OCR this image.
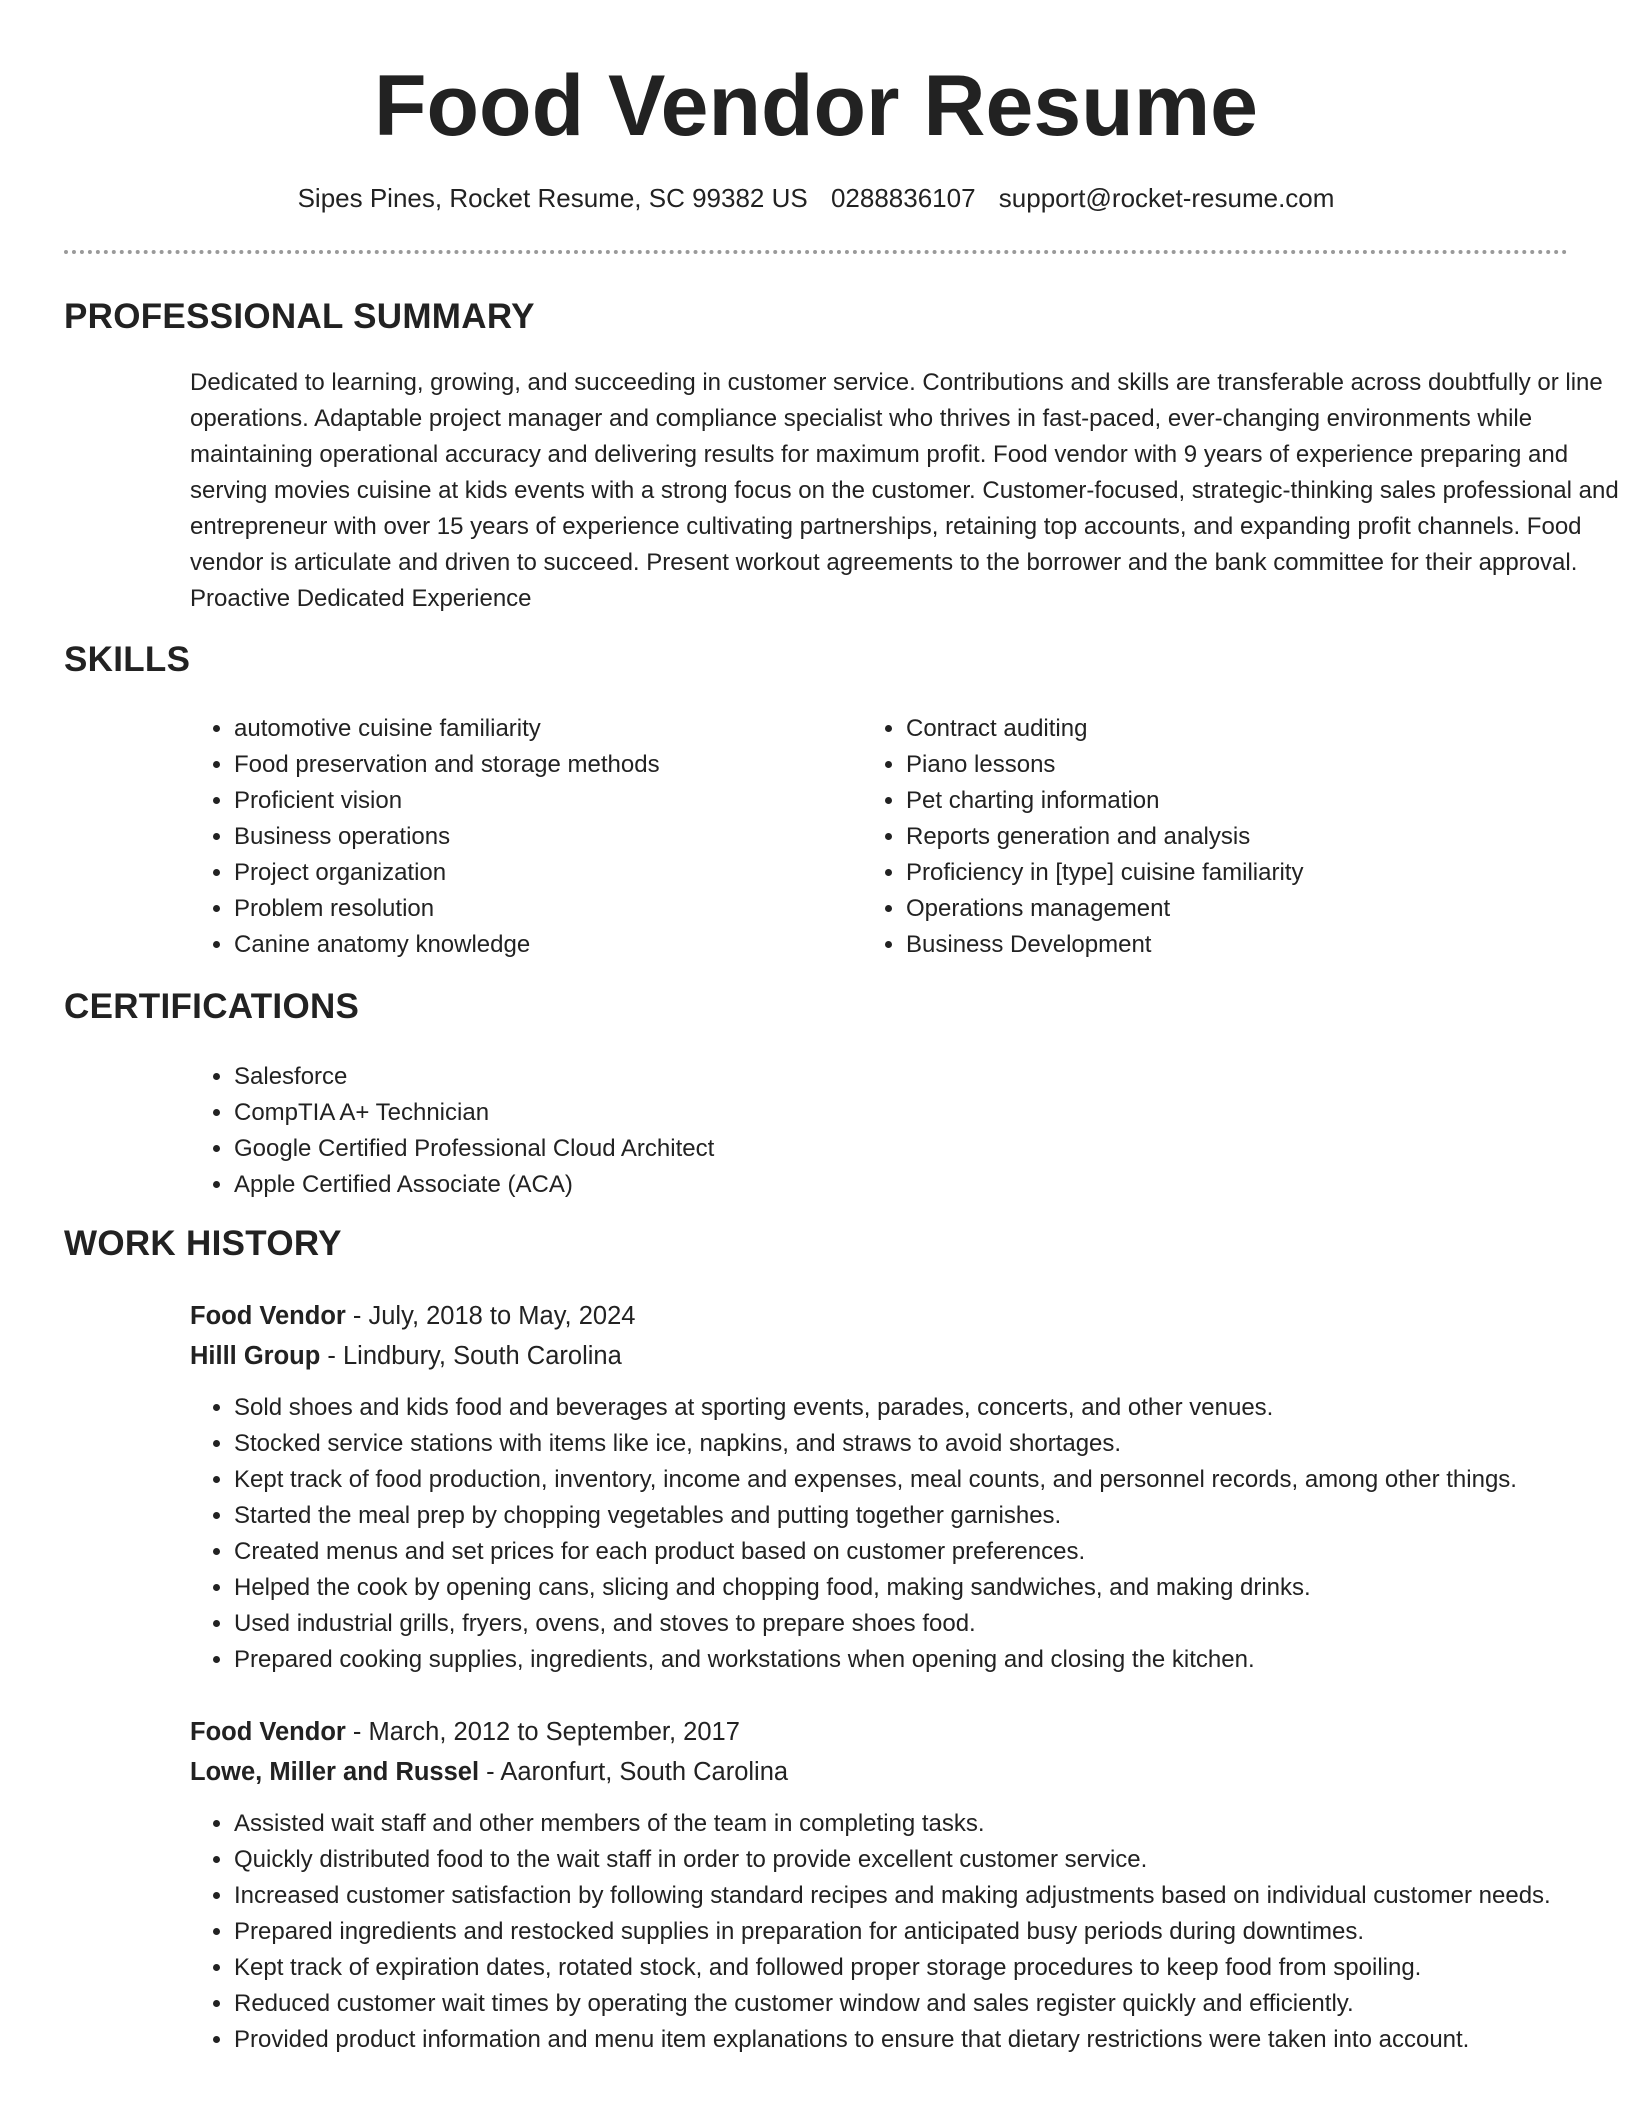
Food Vendor Resume
Sipes Pines, Rocket Resume, SC 99382 US 0288836107 support@rocket-resume.com
PROFESSIONAL SUMMARY

Dedicated to learning, growing, and succeeding in customer service. Contributions and skills are transferable across doubtfully or line operations. Adaptable project manager and compliance specialist who thrives in fast-paced, ever-changing environments while maintaining operational accuracy and delivering results for maximum profit. Food vendor with 9 years of experience preparing and serving movies cuisine at kids events with a strong focus on the customer. Customer-focused, strategic-thinking sales professional and entrepreneur with over 15 years of experience cultivating partnerships, retaining top accounts, and expanding profit channels. Food vendor is articulate and driven to succeed. Present workout agreements to the borrower and the bank committee for their approval. Proactive Dedicated Experience

SKILLS
• automotive cuisine familiarity
• Food preservation and storage methods
• Proficient vision
• Business operations
• Project organization
• Problem resolution
• Canine anatomy knowledge
• Contract auditing
• Piano lessons
• Pet charting information
• Reports generation and analysis
• Proficiency in [type] cuisine familiarity
• Operations management
• Business Development
CERTIFICATIONS
• Salesforce
• CompTIA A+ Technician
• Google Certified Professional Cloud Architect
• Apple Certified Associate (ACA)
WORK HISTORY
Food Vendor - July, 2018 to May, 2024
Hilll Group - Lindbury, South Carolina
• Sold shoes and kids food and beverages at sporting events, parades, concerts, and other venues.
• Stocked service stations with items like ice, napkins, and straws to avoid shortages.
• Kept track of food production, inventory, income and expenses, meal counts, and personnel records, among other things.
• Started the meal prep by chopping vegetables and putting together garnishes.
• Created menus and set prices for each product based on customer preferences.
• Helped the cook by opening cans, slicing and chopping food, making sandwiches, and making drinks.
• Used industrial grills, fryers, ovens, and stoves to prepare shoes food.
• Prepared cooking supplies, ingredients, and workstations when opening and closing the kitchen.
Food Vendor - March, 2012 to September, 2017
Lowe, Miller and Russel - Aaronfurt, South Carolina
• Assisted wait staff and other members of the team in completing tasks.
• Quickly distributed food to the wait staff in order to provide excellent customer service.
• Increased customer satisfaction by following standard recipes and making adjustments based on individual customer needs.
• Prepared ingredients and restocked supplies in preparation for anticipated busy periods during downtimes.
• Kept track of expiration dates, rotated stock, and followed proper storage procedures to keep food from spoiling.
• Reduced customer wait times by operating the customer window and sales register quickly and efficiently.
• Provided product information and menu item explanations to ensure that dietary restrictions were taken into account.
